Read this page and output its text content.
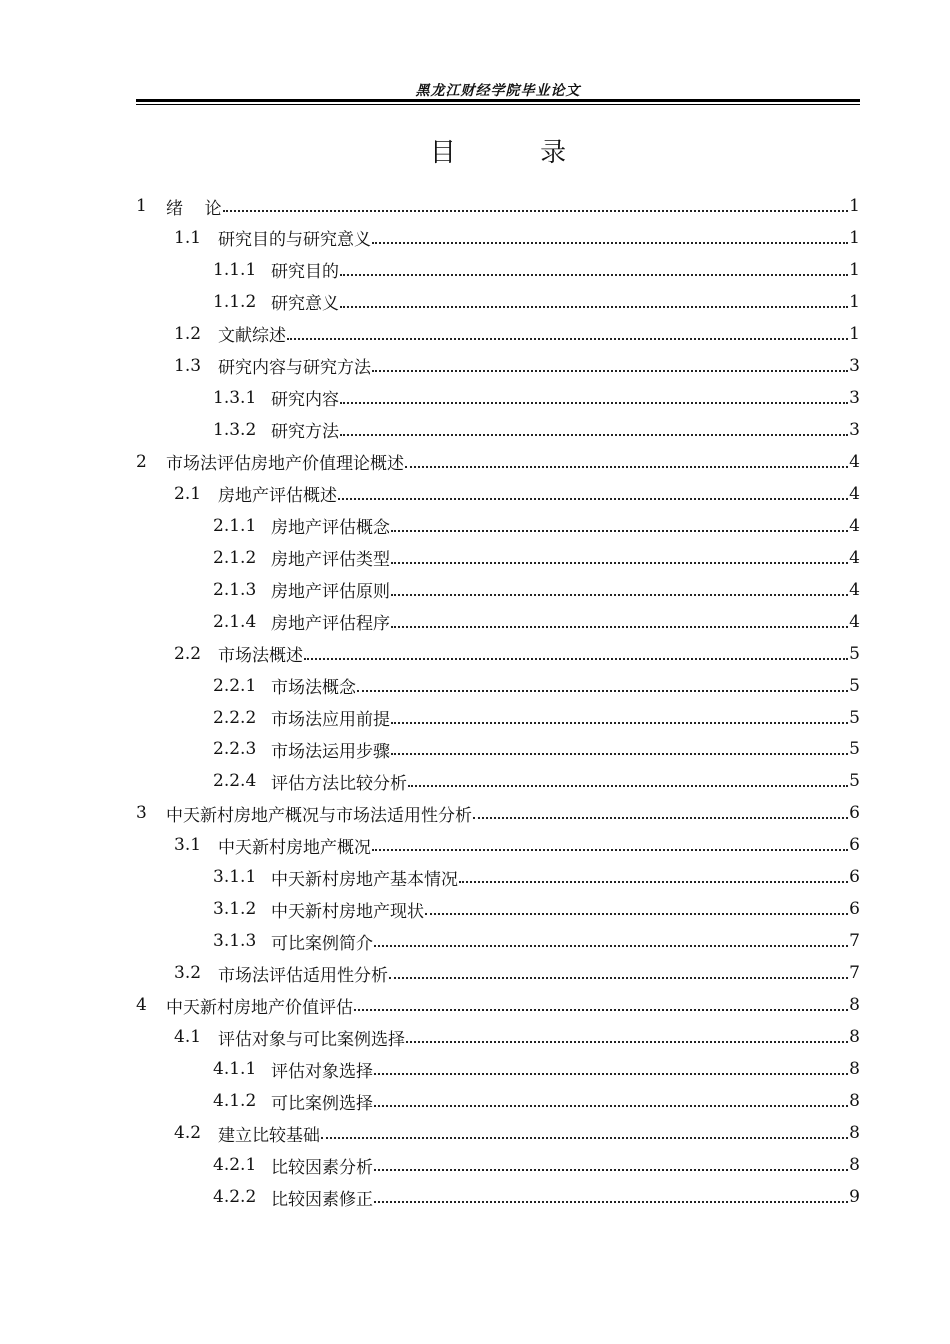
黑龙江财经学院毕业论文
目 录
1	绪    论	1
1.1 研究目的与研究意义	1
1.1.1 研究目的	1
1.1.2 研究意义	1
1.2 文献综述	1
1.3 研究内容与研究方法	3
1.3.1 研究内容	3
1.3.2 研究方法	3
2	市场法评估房地产价值理论概述	4
2.1 房地产评估概述	4
2.1.1 房地产评估概念	4
2.1.2 房地产评估类型	4
2.1.3 房地产评估原则	4
2.1.4 房地产评估程序	4
2.2 市场法概述	5
2.2.1 市场法概念	5
2.2.2 市场法应用前提	5
2.2.3 市场法运用步骤	5
2.2.4 评估方法比较分析	5
3	中天新村房地产概况与市场法适用性分析	6
3.1 中天新村房地产概况	6
3.1.1 中天新村房地产基本情况	6
3.1.2 中天新村房地产现状	6
3.1.3 可比案例简介	7
3.2 市场法评估适用性分析	7
4	中天新村房地产价值评估	8
4.1 评估对象与可比案例选择	8
4.1.1 评估对象选择	8
4.1.2 可比案例选择	8
4.2 建立比较基础	8
4.2.1 比较因素分析	8
4.2.2 比较因素修正	9
